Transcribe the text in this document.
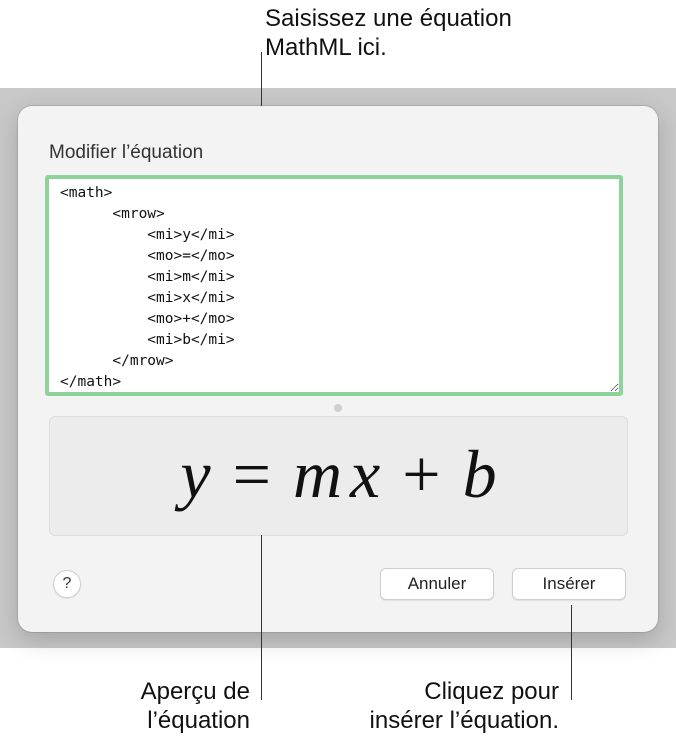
Saisissez une équation
MathML ici.
Modifier l’équation
<math> <mrow> <mi>y</mi> <mo>=</mo> <mi>m</mi> <mi>x</mi> <mo>+</mo> <mi>b</mi> </mrow> </math>
y = m x + b
?	Annuler	Insérer
Aperçu de
l’équation
Cliquez pour
insérer l’équation.
